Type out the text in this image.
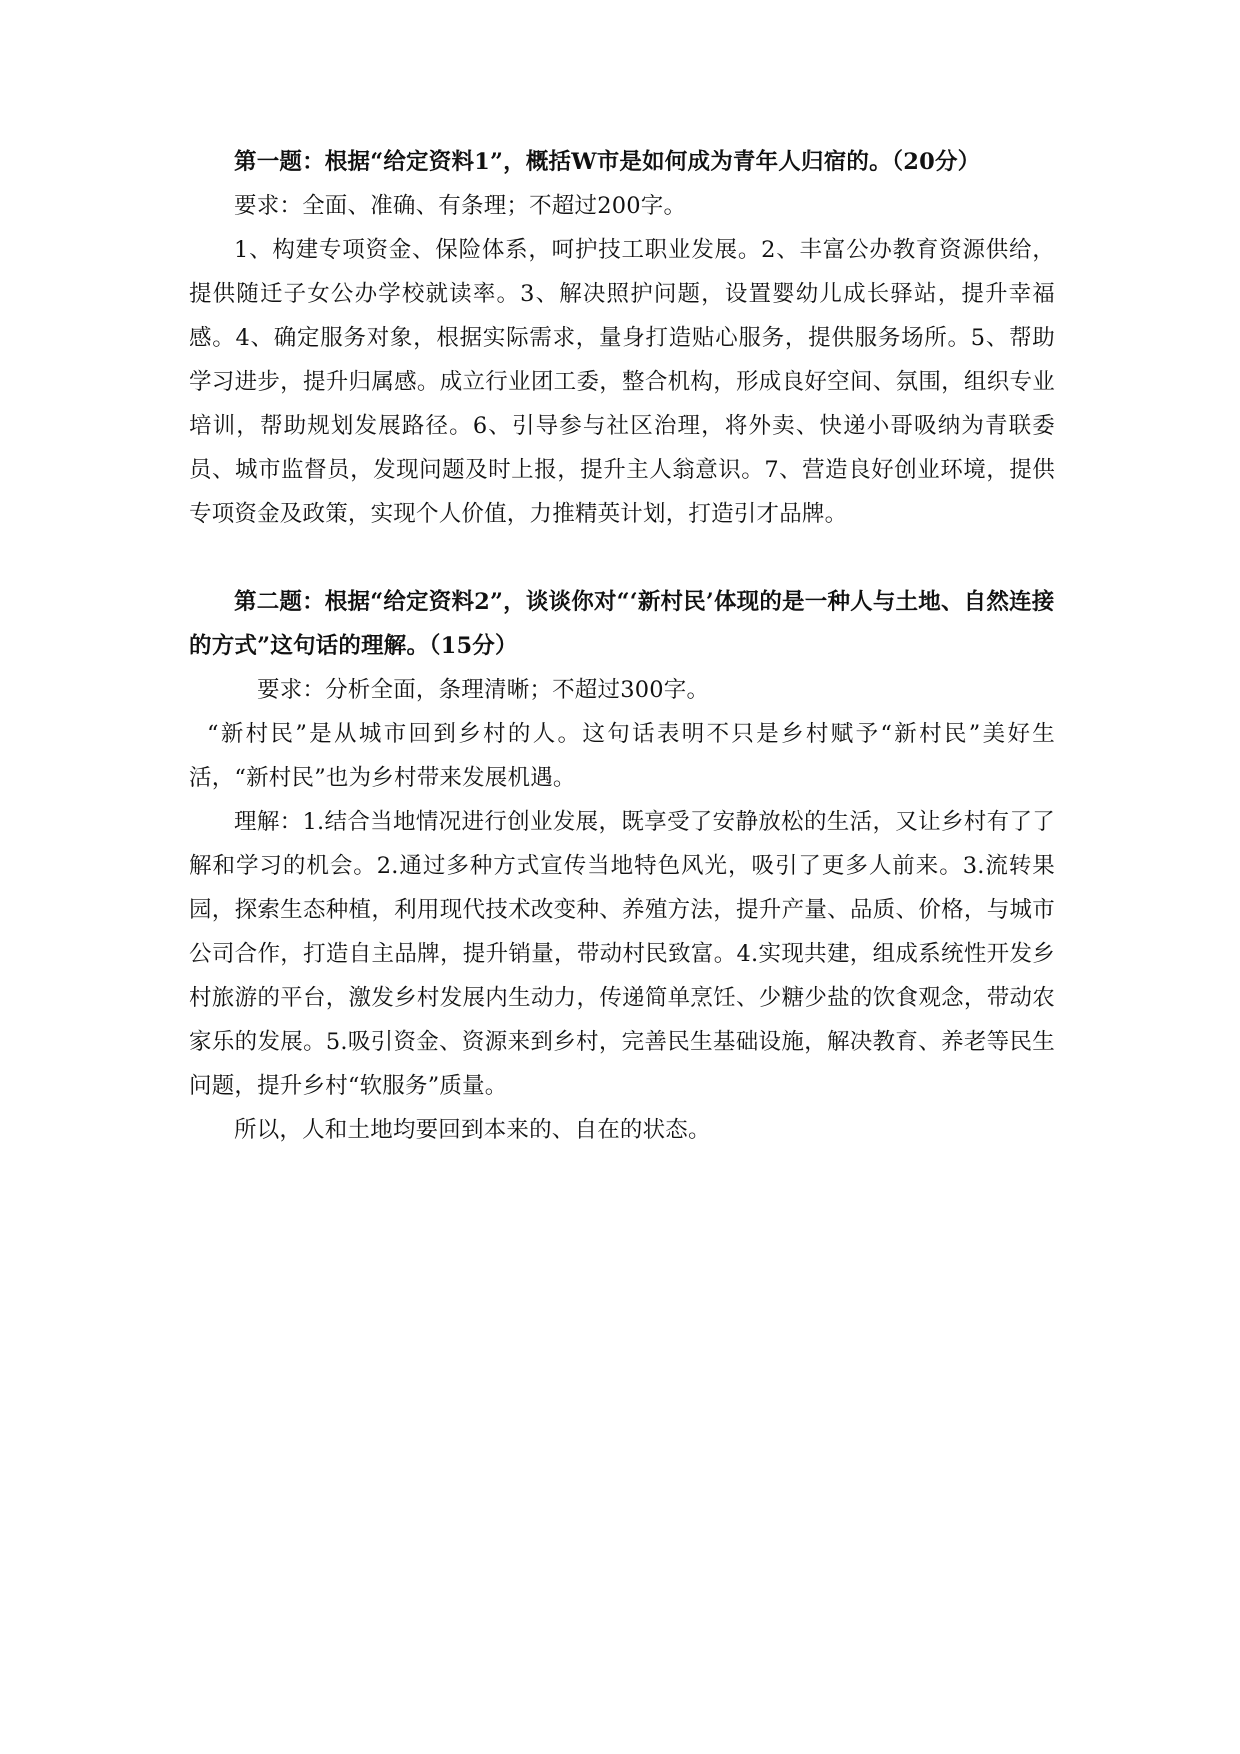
第一题：根据“给定资料1”，概括W市是如何成为青年人归宿的。（20分）

要求：全面、准确、有条理；不超过200字。

1、构建专项资金、保险体系，呵护技工职业发展。2、丰富公办教育资源供给，提供随迁子女公办学校就读率。3、解决照护问题，设置婴幼儿成长驿站，提升幸福感。4、确定服务对象，根据实际需求，量身打造贴心服务，提供服务场所。5、帮助学习进步，提升归属感。成立行业团工委，整合机构，形成良好空间、氛围，组织专业培训，帮助规划发展路径。6、引导参与社区治理，将外卖、快递小哥吸纳为青联委员、城市监督员，发现问题及时上报，提升主人翁意识。7、营造良好创业环境，提供专项资金及政策，实现个人价值，力推精英计划，打造引才品牌。

第二题：根据“给定资料2”，谈谈你对“‘新村民’体现的是一种人与土地、自然连接的方式”这句话的理解。（15分）

要求：分析全面，条理清晰；不超过300字。

“新村民”是从城市回到乡村的人。这句话表明不只是乡村赋予“新村民”美好生活，“新村民”也为乡村带来发展机遇。

理解：1.结合当地情况进行创业发展，既享受了安静放松的生活，又让乡村有了了解和学习的机会。2.通过多种方式宣传当地特色风光，吸引了更多人前来。3.流转果园，探索生态种植，利用现代技术改变种、养殖方法，提升产量、品质、价格，与城市公司合作，打造自主品牌，提升销量，带动村民致富。4.实现共建，组成系统性开发乡村旅游的平台，激发乡村发展内生动力，传递简单烹饪、少糖少盐的饮食观念，带动农家乐的发展。5.吸引资金、资源来到乡村，完善民生基础设施，解决教育、养老等民生问题，提升乡村“软服务”质量。

所以，人和土地均要回到本来的、自在的状态。
